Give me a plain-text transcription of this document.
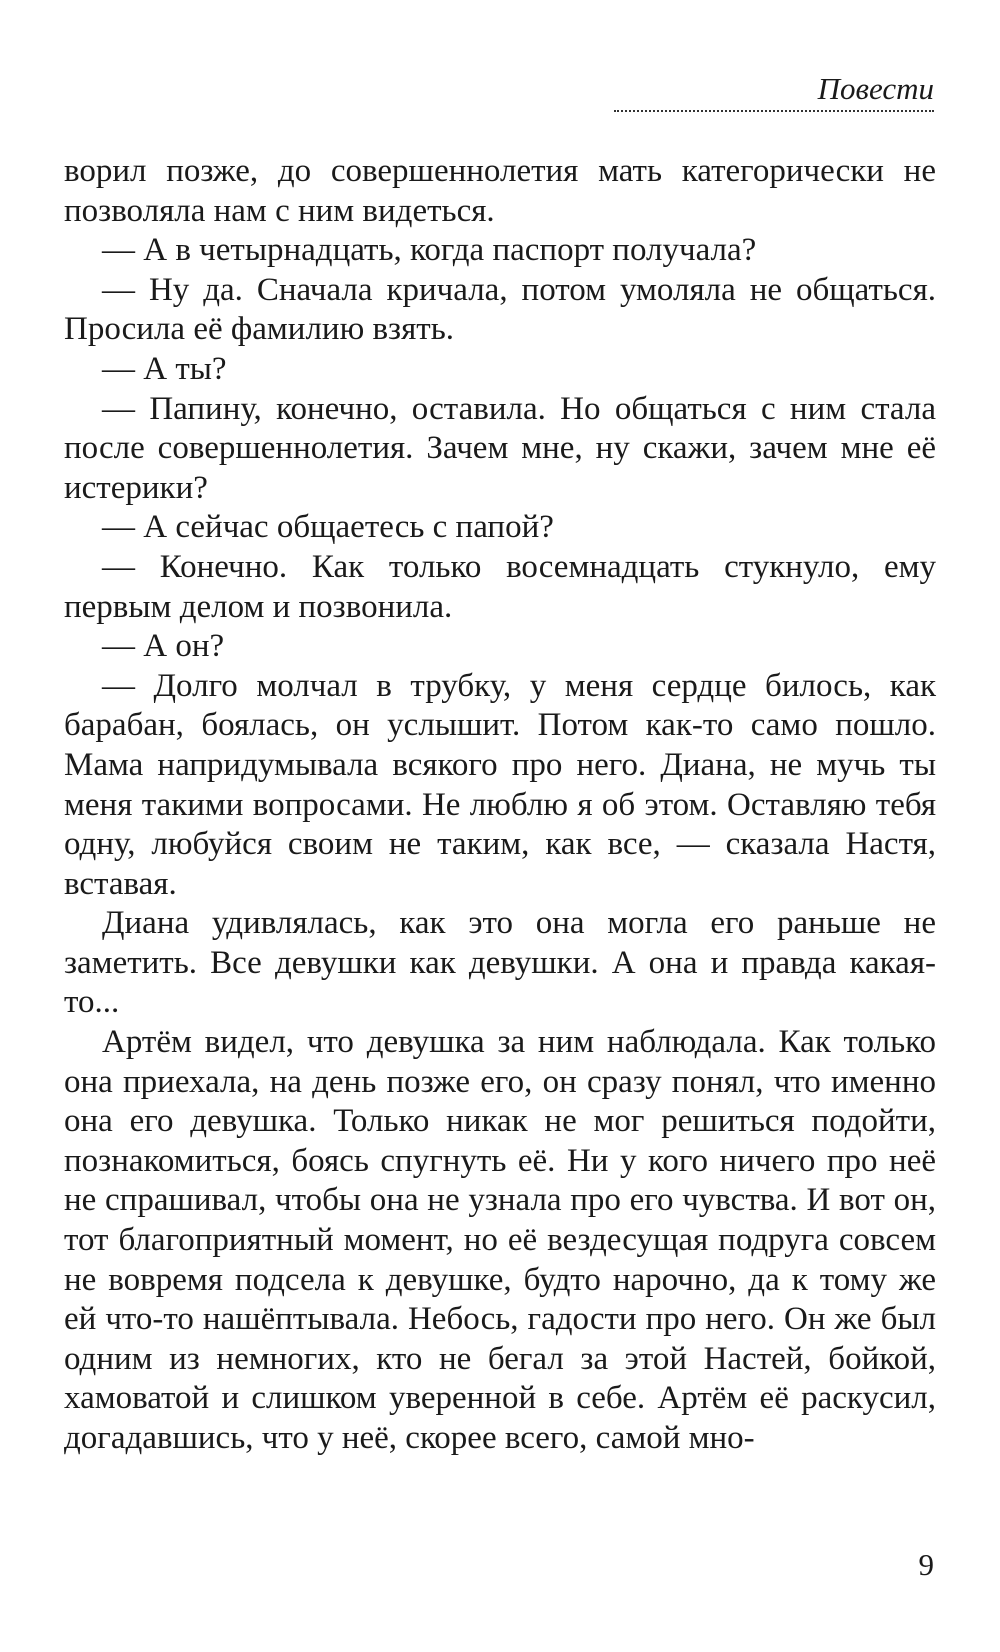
Повести

ворил позже, до совершеннолетия мать категорически не позволяла нам с ним видеться.

— А в четырнадцать, когда паспорт получала?

— Ну да. Сначала кричала, потом умоляла не общаться. Просила её фамилию взять.

— А ты?

— Папину, конечно, оставила. Но общаться с ним стала после совершеннолетия. Зачем мне, ну скажи, зачем мне её истерики?

— А сейчас общаетесь с папой?

— Конечно. Как только восемнадцать стукнуло, ему первым делом и позвонила.

— А он?

— Долго молчал в трубку, у меня сердце билось, как барабан, боялась, он услышит. Потом как-то само пошло. Мама напридумывала всякого про него. Диана, не мучь ты меня такими вопросами. Не люблю я об этом. Оставляю тебя одну, любуйся своим не таким, как все, — сказала Настя, вставая.

Диана удивлялась, как это она могла его раньше не заметить. Все девушки как девушки. А она и правда какая-то...

Артём видел, что девушка за ним наблюдала. Как только она приехала, на день позже его, он сразу понял, что именно она его девушка. Только никак не мог решиться подойти, познакомиться, боясь спугнуть её. Ни у кого ничего про неё не спрашивал, чтобы она не узнала про его чувства. И вот он, тот благоприятный момент, но её вездесущая подруга совсем не вовремя подсела к девушке, будто нарочно, да к тому же ей что-то нашёптывала. Небось, гадости про него. Он же был одним из немногих, кто не бегал за этой Настей, бойкой, хамоватой и слишком уверенной в себе. Артём её раскусил, догадавшись, что у неё, скорее всего, самой мно-

9
